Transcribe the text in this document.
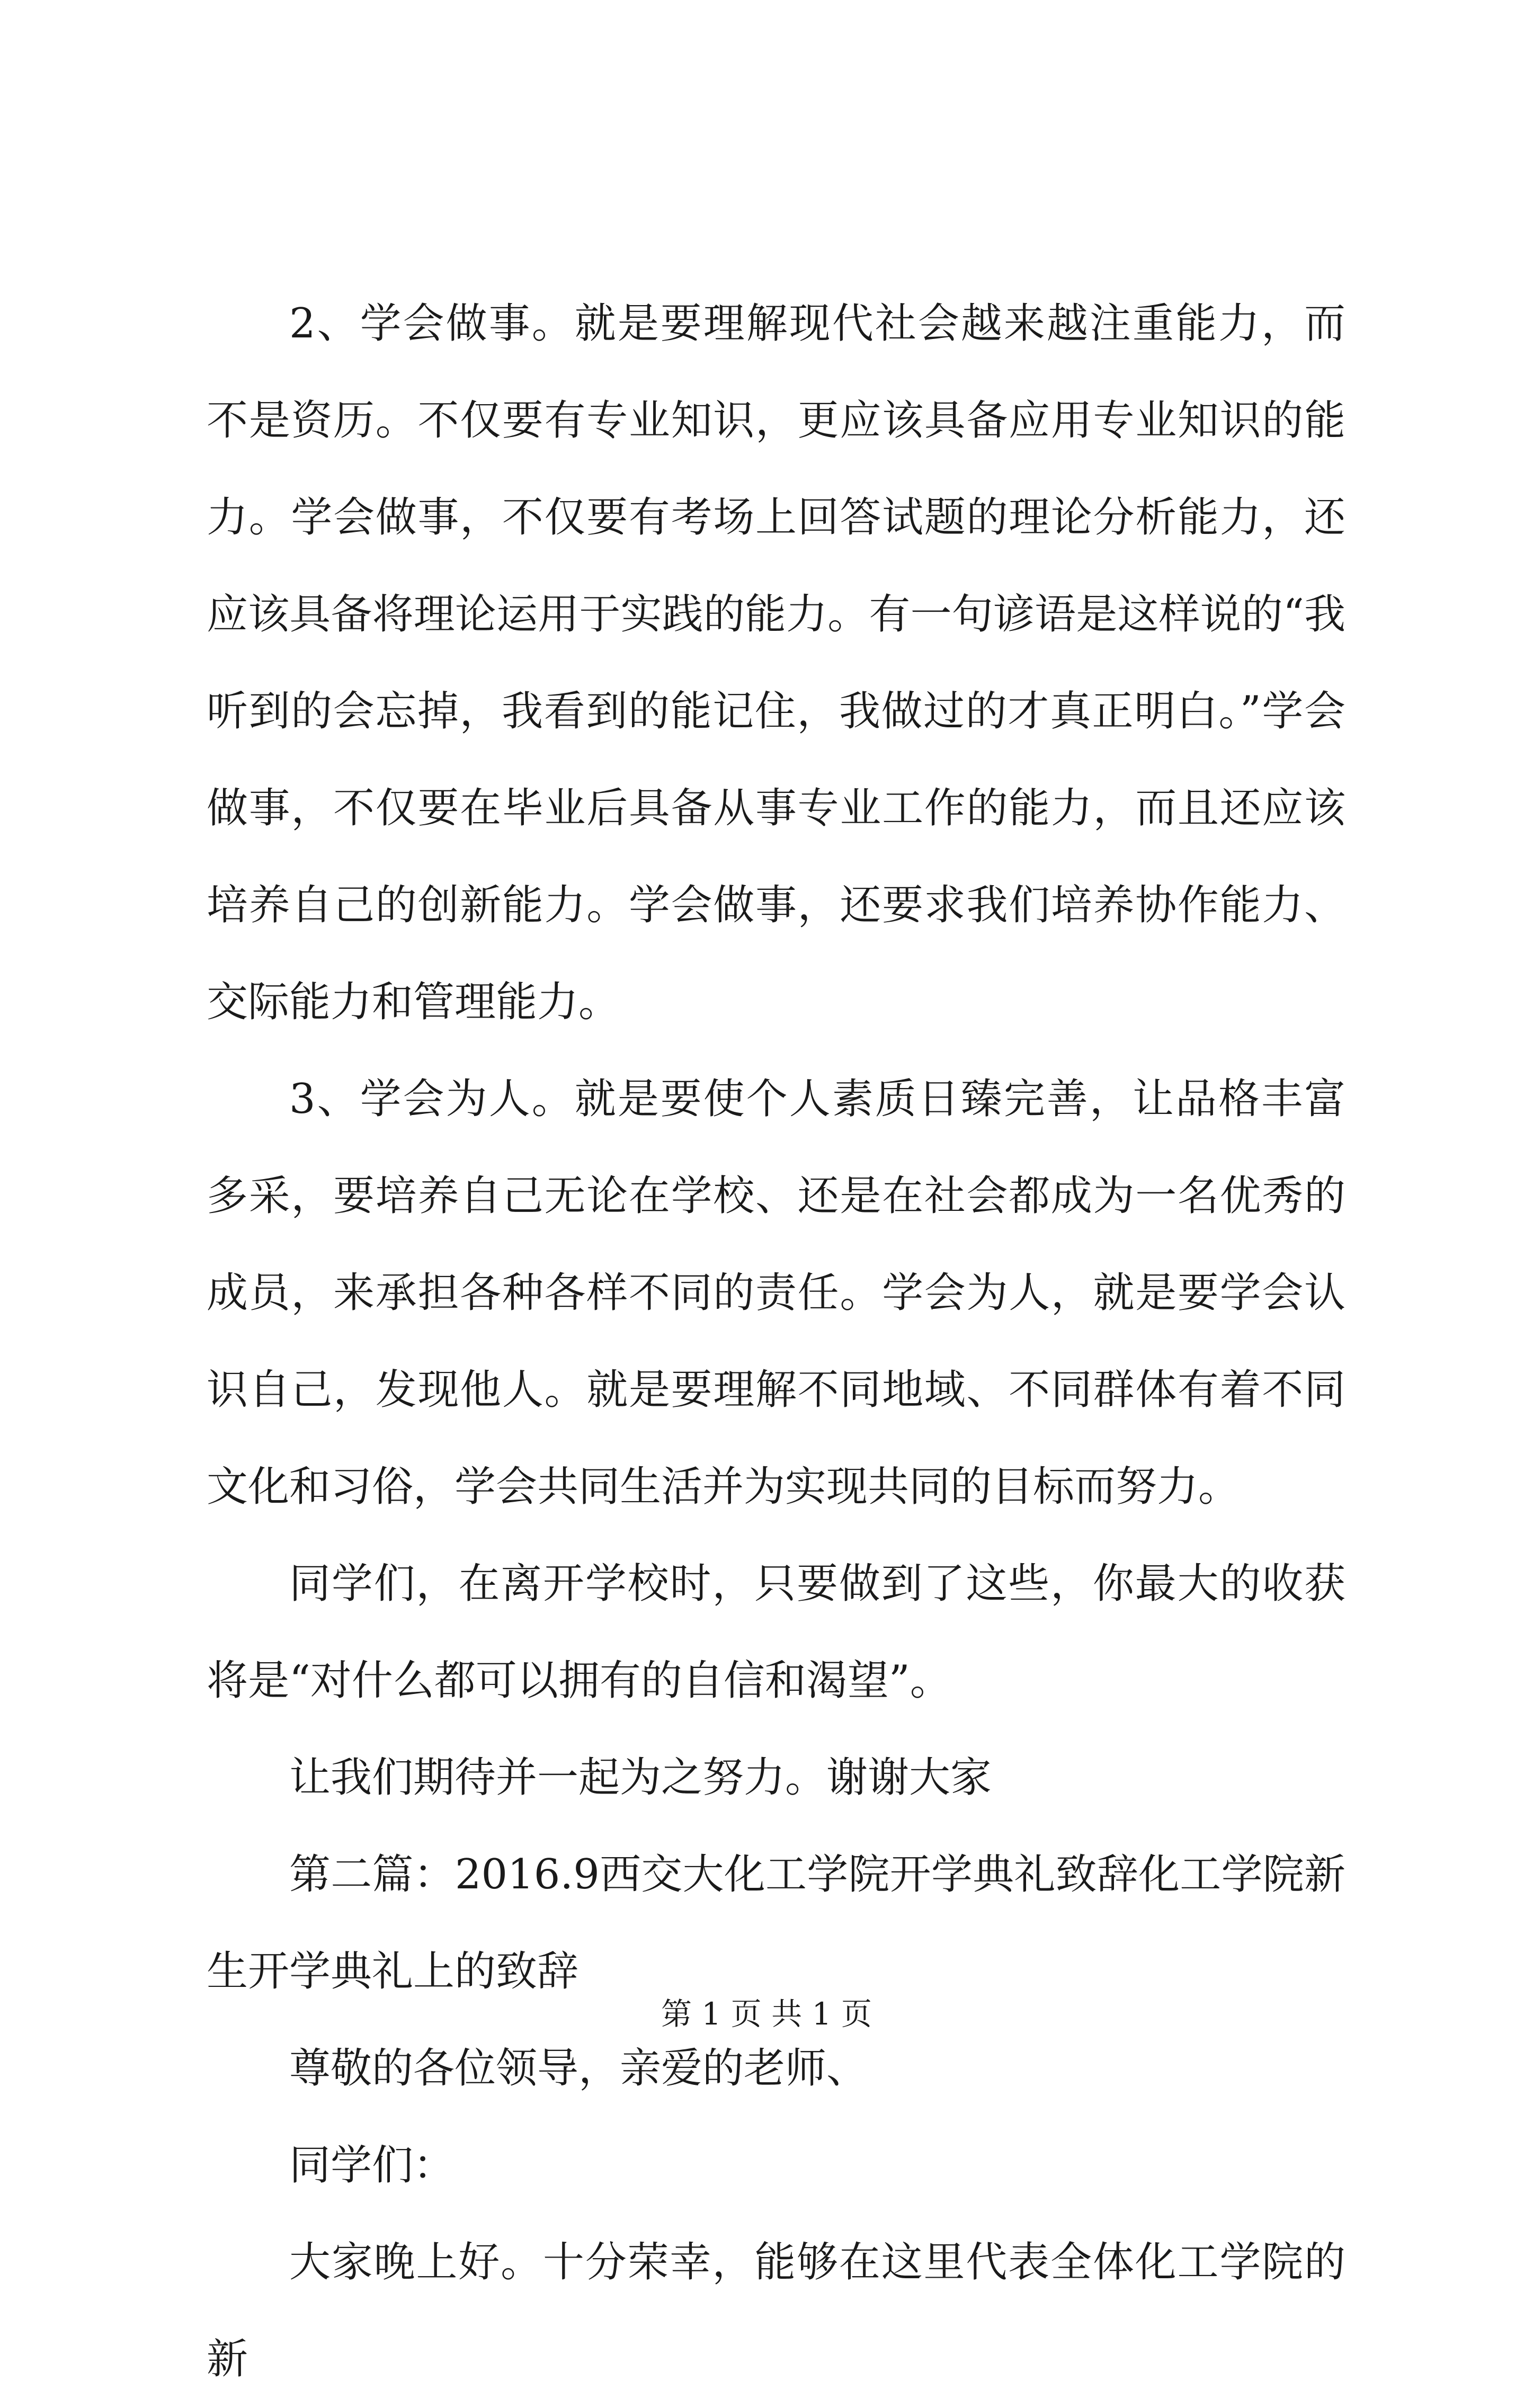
2、学会做事。就是要理解现代社会越来越注重能力，而不是资历。不仅要有专业知识，更应该具备应用专业知识的能力。学会做事，不仅要有考场上回答试题的理论分析能力，还应该具备将理论运用于实践的能力。有一句谚语是这样说的“我听到的会忘掉，我看到的能记住，我做过的才真正明白。”学会做事，不仅要在毕业后具备从事专业工作的能力，而且还应该培养自己的创新能力。学会做事，还要求我们培养协作能力、交际能力和管理能力。

3、学会为人。就是要使个人素质日臻完善，让品格丰富多采，要培养自己无论在学校、还是在社会都成为一名优秀的成员，来承担各种各样不同的责任。学会为人，就是要学会认识自己，发现他人。就是要理解不同地域、不同群体有着不同文化和习俗，学会共同生活并为实现共同的目标而努力。

同学们，在离开学校时，只要做到了这些，你最大的收获将是“对什么都可以拥有的自信和渴望”。

让我们期待并一起为之努力。谢谢大家

第二篇：2016.9西交大化工学院开学典礼致辞化工学院新生开学典礼上的致辞

尊敬的各位领导，亲爱的老师、

同学们：

大家晚上好。十分荣幸，能够在这里代表全体化工学院的新

第 1 页 共 1 页
